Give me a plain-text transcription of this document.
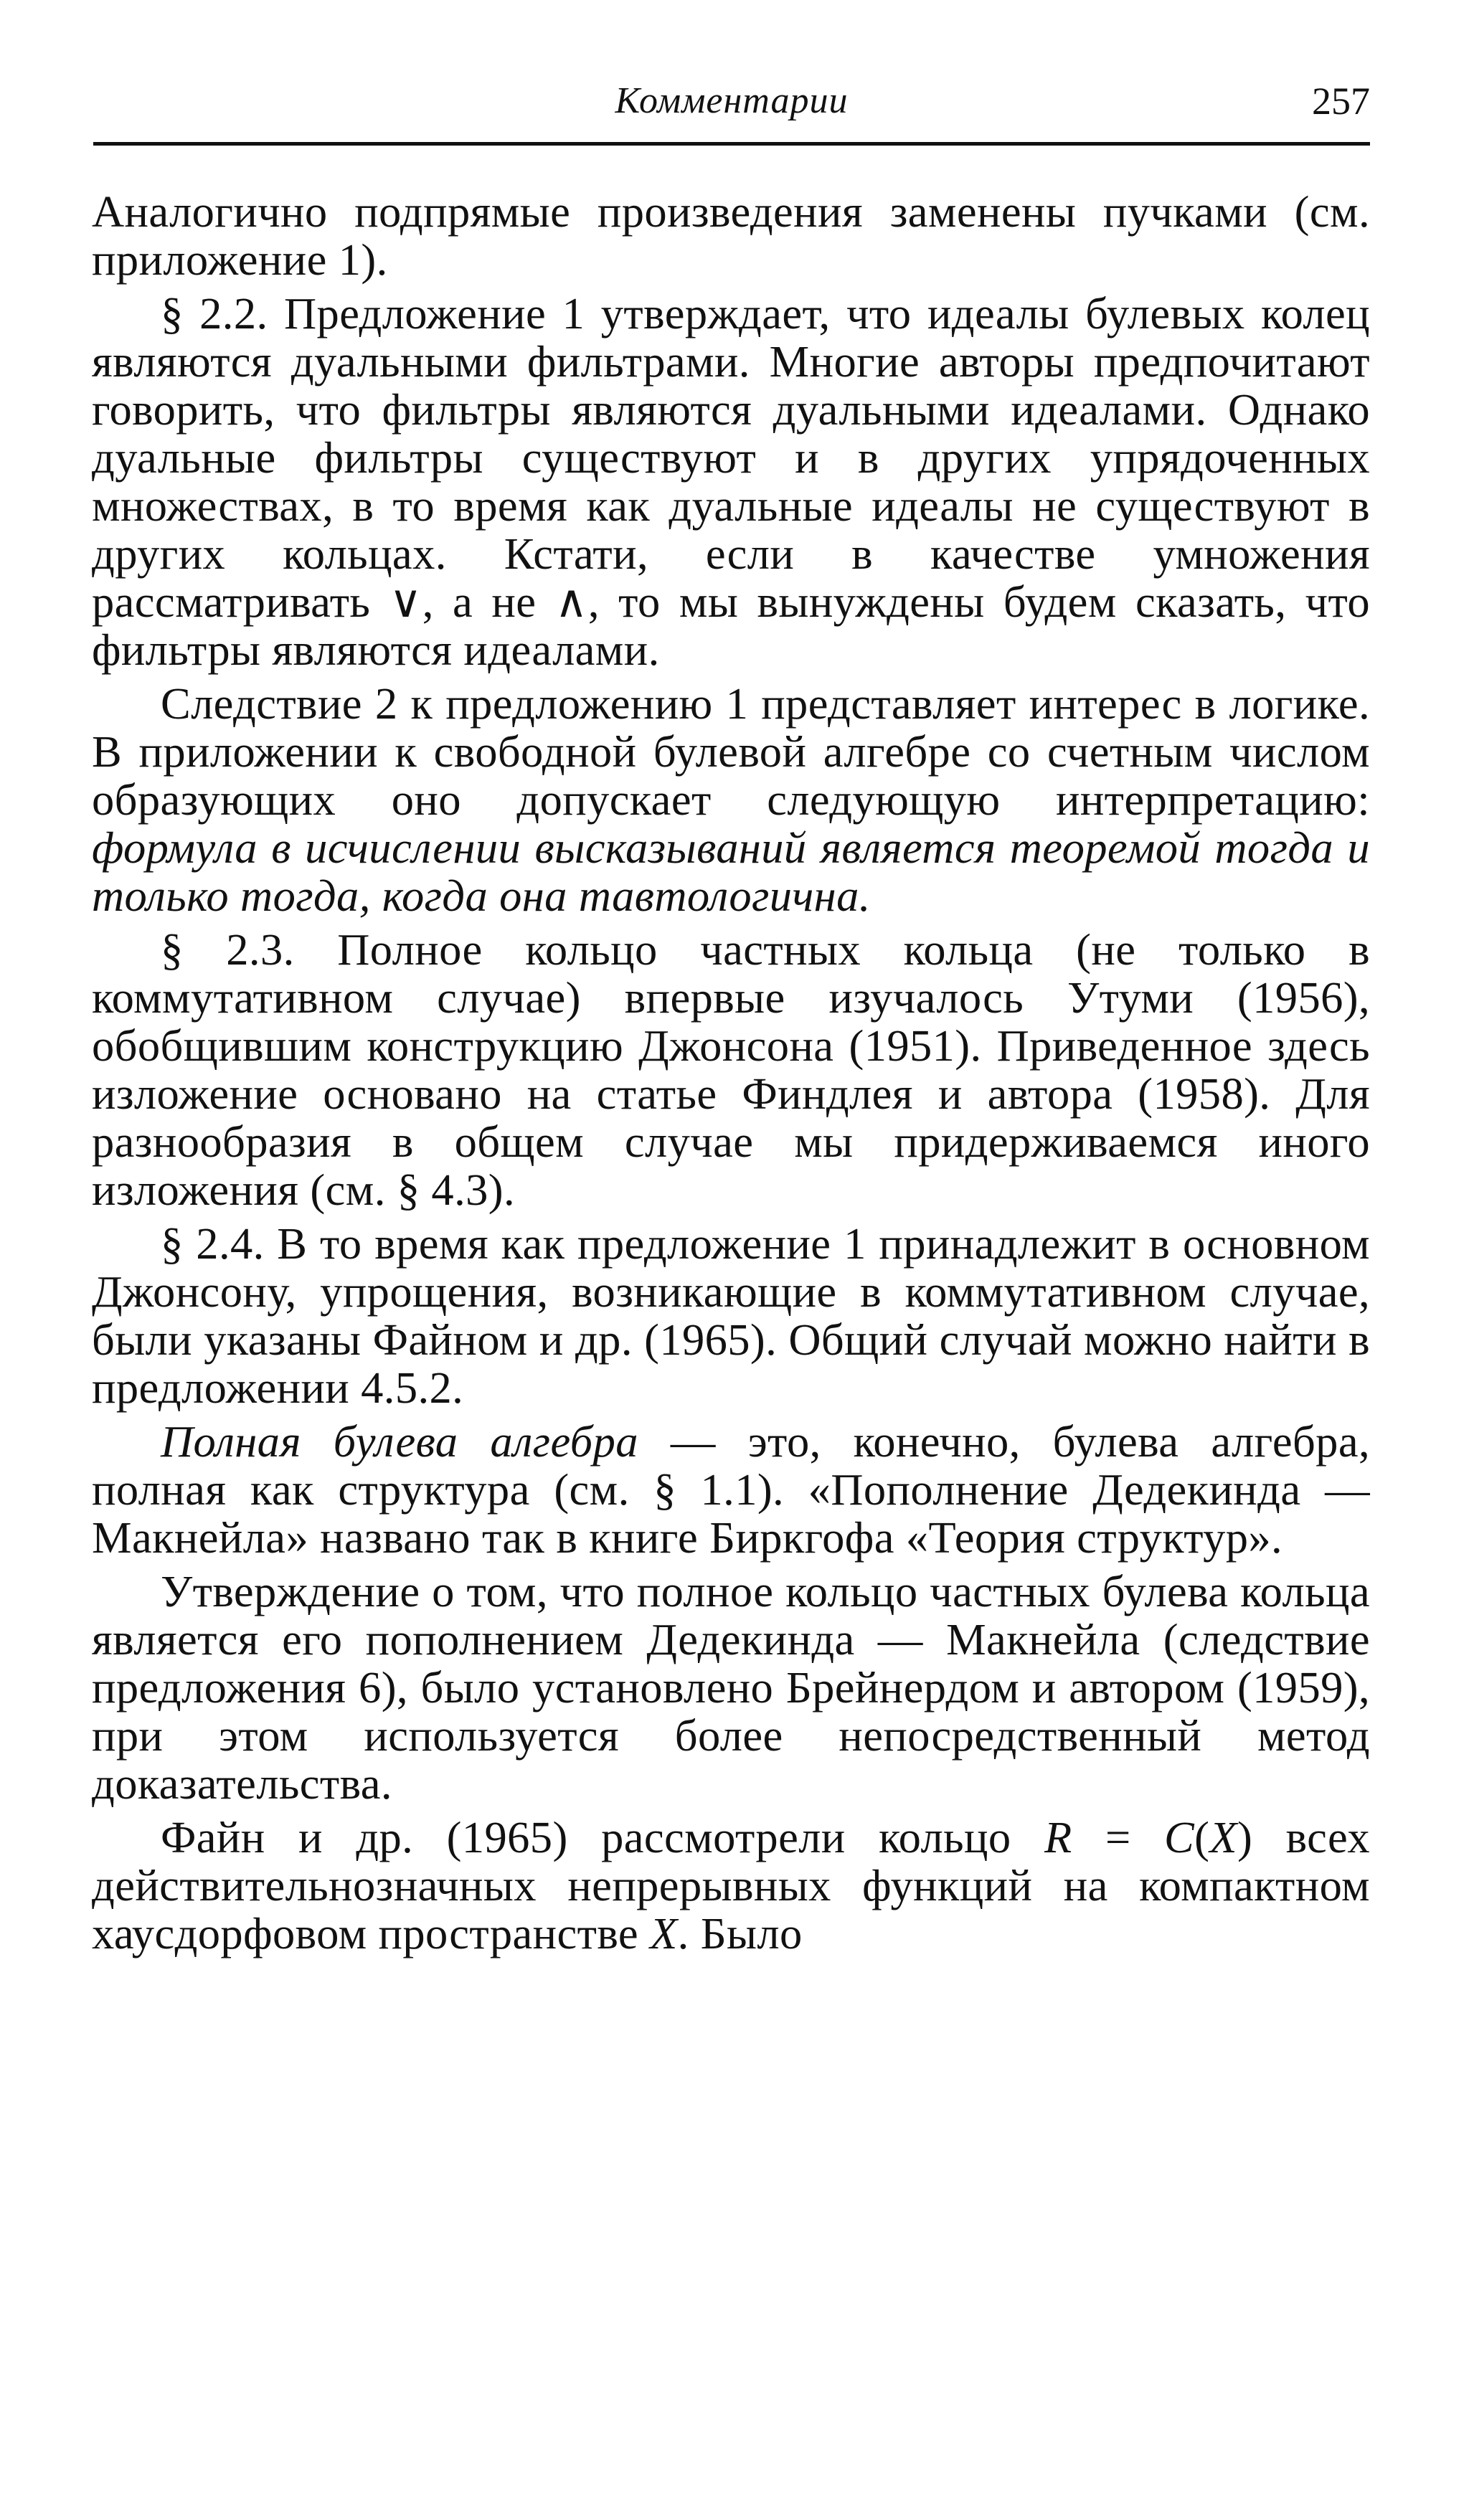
Комментарии	257

Аналогично подпрямые произведения заменены пучками (см. приложение 1).

§ 2.2. Предложение 1 утверждает, что идеалы булевых колец являются дуальными фильтрами. Многие авторы предпочитают говорить, что фильтры являются дуальными идеалами. Однако дуальные фильтры существуют и в других упрядоченных множествах, в то время как дуальные идеалы не существуют в других кольцах. Кстати, если в качестве умножения рассматривать ∨, а не ∧, то мы вынуждены будем сказать, что фильтры являются идеалами.

Следствие 2 к предложению 1 представляет интерес в логике. В приложении к свободной булевой алгебре со счетным числом образующих оно допускает следующую интерпретацию: формула в исчислении высказываний является теоремой тогда и только тогда, когда она тавтологична.

§ 2.3. Полное кольцо частных кольца (не только в коммутативном случае) впервые изучалось Утуми (1956), обобщившим конструкцию Джонсона (1951). Приведенное здесь изложение основано на статье Финдлея и автора (1958). Для разнообразия в общем случае мы придерживаемся иного изложения (см. § 4.3).

§ 2.4. В то время как предложение 1 принадлежит в основном Джонсону, упрощения, возникающие в коммутативном случае, были указаны Файном и др. (1965). Общий случай можно найти в предложении 4.5.2.

Полная булева алгебра — это, конечно, булева алгебра, полная как структура (см. § 1.1). «Пополнение Дедекинда — Макнейла» названо так в книге Биркгофа «Теория структур».

Утверждение о том, что полное кольцо частных булева кольца является его пополнением Дедекинда — Макнейла (следствие предложения 6), было установлено Брейнердом и автором (1959), при этом используется более непосредственный метод доказательства.

Файн и др. (1965) рассмотрели кольцо R = C(X) всех действительнозначных непрерывных функций на компактном хаусдорфовом пространстве X. Было
